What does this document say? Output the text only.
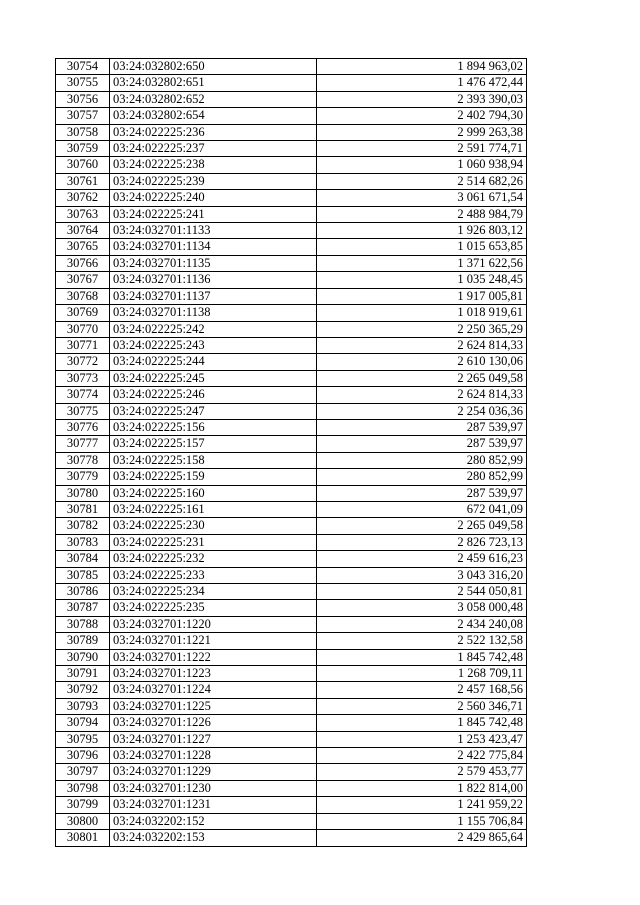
30754	03:24:032802:650	1 894 963,02
30755	03:24:032802:651	1 476 472,44
30756	03:24:032802:652	2 393 390,03
30757	03:24:032802:654	2 402 794,30
30758	03:24:022225:236	2 999 263,38
30759	03:24:022225:237	2 591 774,71
30760	03:24:022225:238	1 060 938,94
30761	03:24:022225:239	2 514 682,26
30762	03:24:022225:240	3 061 671,54
30763	03:24:022225:241	2 488 984,79
30764	03:24:032701:1133	1 926 803,12
30765	03:24:032701:1134	1 015 653,85
30766	03:24:032701:1135	1 371 622,56
30767	03:24:032701:1136	1 035 248,45
30768	03:24:032701:1137	1 917 005,81
30769	03:24:032701:1138	1 018 919,61
30770	03:24:022225:242	2 250 365,29
30771	03:24:022225:243	2 624 814,33
30772	03:24:022225:244	2 610 130,06
30773	03:24:022225:245	2 265 049,58
30774	03:24:022225:246	2 624 814,33
30775	03:24:022225:247	2 254 036,36
30776	03:24:022225:156	287 539,97
30777	03:24:022225:157	287 539,97
30778	03:24:022225:158	280 852,99
30779	03:24:022225:159	280 852,99
30780	03:24:022225:160	287 539,97
30781	03:24:022225:161	672 041,09
30782	03:24:022225:230	2 265 049,58
30783	03:24:022225:231	2 826 723,13
30784	03:24:022225:232	2 459 616,23
30785	03:24:022225:233	3 043 316,20
30786	03:24:022225:234	2 544 050,81
30787	03:24:022225:235	3 058 000,48
30788	03:24:032701:1220	2 434 240,08
30789	03:24:032701:1221	2 522 132,58
30790	03:24:032701:1222	1 845 742,48
30791	03:24:032701:1223	1 268 709,11
30792	03:24:032701:1224	2 457 168,56
30793	03:24:032701:1225	2 560 346,71
30794	03:24:032701:1226	1 845 742,48
30795	03:24:032701:1227	1 253 423,47
30796	03:24:032701:1228	2 422 775,84
30797	03:24:032701:1229	2 579 453,77
30798	03:24:032701:1230	1 822 814,00
30799	03:24:032701:1231	1 241 959,22
30800	03:24:032202:152	1 155 706,84
30801	03:24:032202:153	2 429 865,64
